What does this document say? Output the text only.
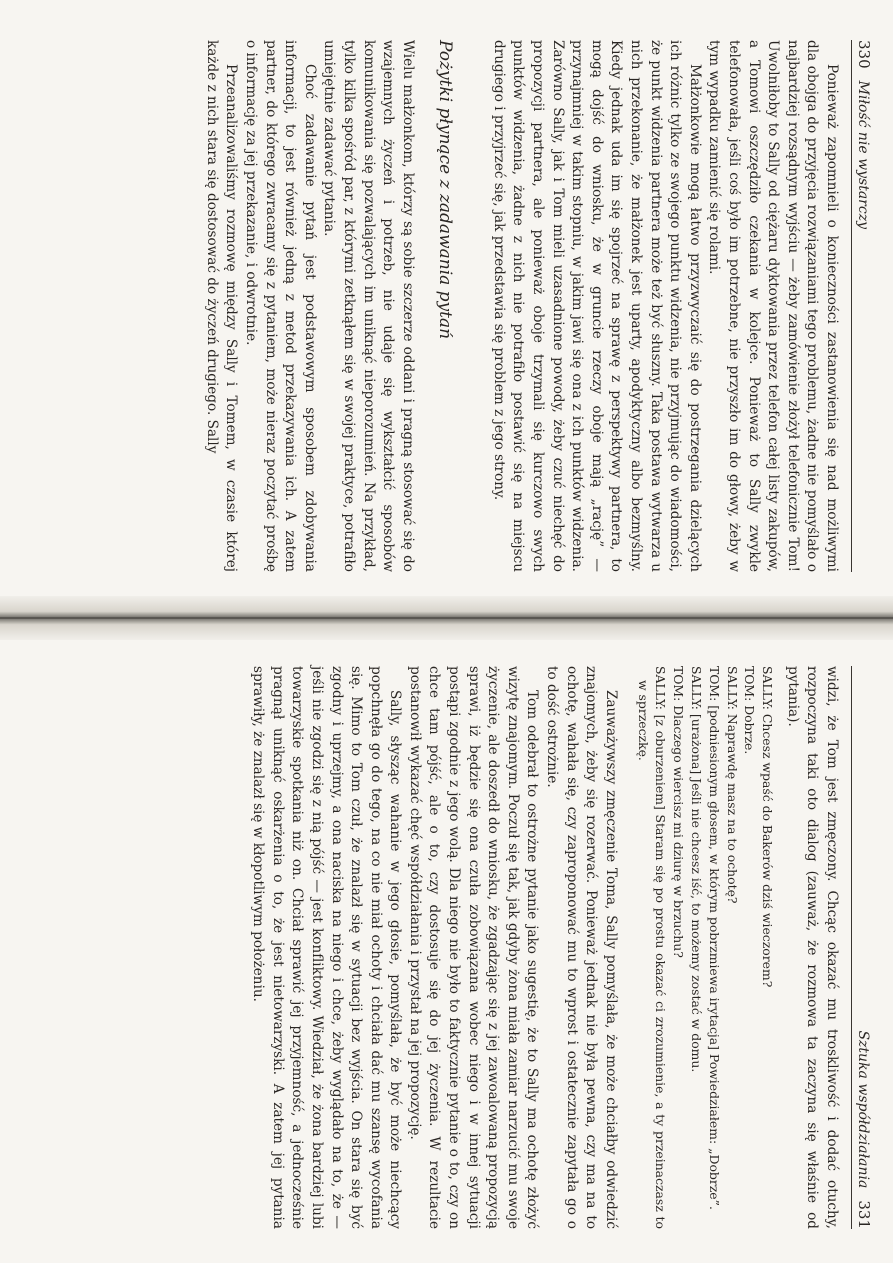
330
Miłość nie wystarczy

Ponieważ zapomnieli o konieczności zastanowienia się nad możliwymi dla obojga do przyjęcia rozwiązaniami tego problemu, żadne nie pomyślało o najbardziej rozsądnym wyjściu — żeby zamówienie złożył telefonicznie Tom! Uwolniłoby to Sally od ciężaru dyktowania przez telefon całej listy zakupów, a Tomowi oszczędziło czekania w kolejce. Ponieważ to Sally zwykle telefonowała, jeśli coś było im potrzebne, nie przyszło im do głowy, żeby w tym wypadku zamienić się rolami.

Małżonkowie mogą łatwo przyzwyczaić się do postrzegania dzielących ich różnic tylko ze swojego punktu widzenia, nie przyjmując do wiadomości, że punkt widzenia partnera może też być słuszny. Taka postawa wytwarza u nich przekonanie, że małżonek jest uparty, apodyktyczny albo bezmyślny. Kiedy jednak uda im się spojrzeć na sprawę z perspektywy partnera, to mogą dojść do wniosku, że w gruncie rzeczy oboje mają „rację” — przynajmniej w takim stopniu, w jakim jawi się ona z ich punktów widzenia. Zarówno Sally, jak i Tom mieli uzasadnione powody, żeby czuć niechęć do propozycji partnera, ale ponieważ oboje trzymali się kurczowo swych punktów widzenia, żadne z nich nie potrafiło postawić się na miejscu drugiego i przyjrzeć się, jak przedstawia się problem z jego strony.

Pożytki płynące z zadawania pytań

Wielu małżonkom, którzy są sobie szczerze oddani i pragną stosować się do wzajemnych życzeń i potrzeb, nie udaje się wykształcić sposobów komunikowania się pozwalających im uniknąć nieporozumień. Na przykład, tylko kilka spośród par, z którymi zetknąłem się w swojej praktyce, potrafiło umiejętnie zadawać pytania.

Choć zadawanie pytań jest podstawowym sposobem zdobywania informacji, to jest również jedną z metod przekazywania ich. A zatem partner, do którego zwracamy się z pytaniem, może nieraz poczytać prośbę o informację za jej przekazanie, i odwrotnie.

Przeanalizowaliśmy rozmowę między Sally i Tomem, w czasie której każde z nich stara się dostosować do życzeń drugiego. Sally

Sztuka współdziałania
331

widzi, że Tom jest zmęczony. Chcąc okazać mu troskliwość i dodać otuchy, rozpoczyna taki oto dialog (zauważ, że rozmowa ta zaczyna się właśnie od pytania).

SALLY: Chcesz wpaść do Bakerów dziś wieczorem?
TOM: Dobrze.
SALLY: Naprawdę masz na to ochotę?
TOM: [podniesionym głosem, w którym pobrzmiewa irytacja] Powiedziałem: „Dobrze”.
SALLY: [urażona] Jeśli nie chcesz iść, to możemy zostać w domu.
TOM: Dlaczego wiercisz mi dziurę w brzuchu?
SALLY: [z oburzeniem] Staram się po prostu okazać ci zrozumienie, a ty przeinaczasz to w sprzeczkę.

Zauważywszy zmęczenie Toma, Sally pomyślała, że może chciałby odwiedzić znajomych, żeby się rozerwać. Ponieważ jednak nie była pewna, czy ma na to ochotę, wahała się, czy zaproponować mu to wprost i ostatecznie zapytała go o to dość ostrożnie.

Tom odebrał to ostrożne pytanie jako sugestię, że to Sally ma ochotę złożyć wizytę znajomym. Poczuł się tak, jak gdyby żona miała zamiar narzucić mu swoje życzenie, ale doszedł do wniosku, że zgadzając się z jej zawoalowaną propozycją sprawi, iż będzie się ona czuła zobowiązana wobec niego i w innej sytuacji postąpi zgodnie z jego wolą. Dla niego nie było to faktycznie pytanie o to, czy on chce tam pójść, ale o to, czy dostosuje się do jej życzenia. W rezultacie postanowił wykazać chęć współdziałania i przystał na jej propozycję.

Sally, słysząc wahanie w jego głosie, pomyślała, że być może niechcący popchnęła go do tego, na co nie miał ochoty i chciała dać mu szansę wycofania się. Mimo to Tom czuł, że znalazł się w sytuacji bez wyjścia. On stara się być zgodny i uprzejmy, a ona naciska na niego i chce, żeby wyglądało na to, że — jeśli nie zgodzi się z nią pójść — jest konfliktowy. Wiedział, że żona bardziej lubi towarzyskie spotkania niż on. Chciał sprawić jej przyjemność, a jednocześnie pragnął uniknąć oskarżenia o to, że jest nietowarzyski. A zatem jej pytania sprawiły, że znalazł się w kłopotliwym położeniu.
